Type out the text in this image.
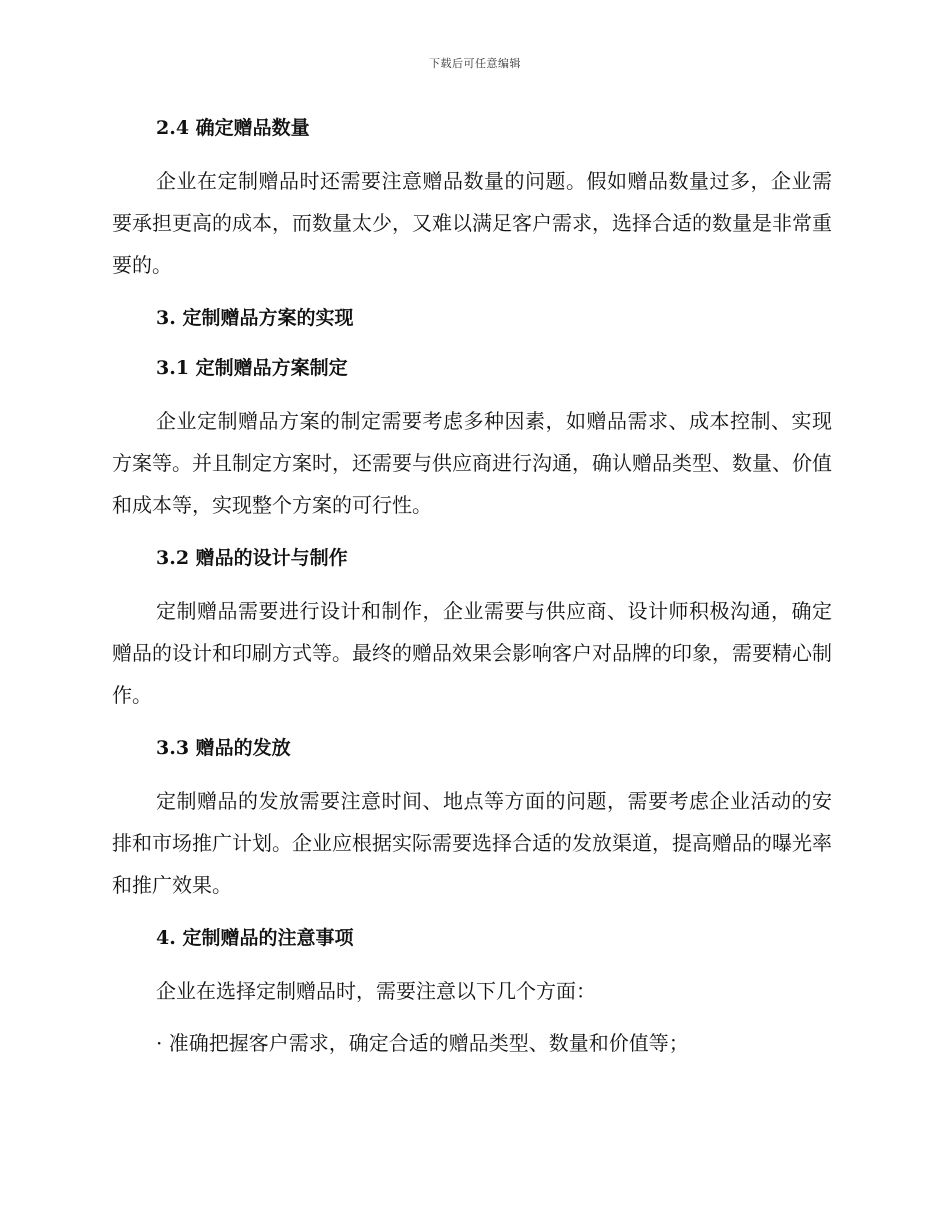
下载后可任意编辑

2.4 确定赠品数量

企业在定制赠品时还需要注意赠品数量的问题。假如赠品数量过多，企业需要承担更高的成本，而数量太少，又难以满足客户需求，选择合适的数量是非常重要的。

3. 定制赠品方案的实现

3.1 定制赠品方案制定

企业定制赠品方案的制定需要考虑多种因素，如赠品需求、成本控制、实现方案等。并且制定方案时，还需要与供应商进行沟通，确认赠品类型、数量、价值和成本等，实现整个方案的可行性。

3.2 赠品的设计与制作

定制赠品需要进行设计和制作，企业需要与供应商、设计师积极沟通，确定赠品的设计和印刷方式等。最终的赠品效果会影响客户对品牌的印象，需要精心制作。

3.3 赠品的发放

定制赠品的发放需要注意时间、地点等方面的问题，需要考虑企业活动的安排和市场推广计划。企业应根据实际需要选择合适的发放渠道，提高赠品的曝光率和推广效果。

4. 定制赠品的注意事项

企业在选择定制赠品时，需要注意以下几个方面：

· 准确把握客户需求，确定合适的赠品类型、数量和价值等；
